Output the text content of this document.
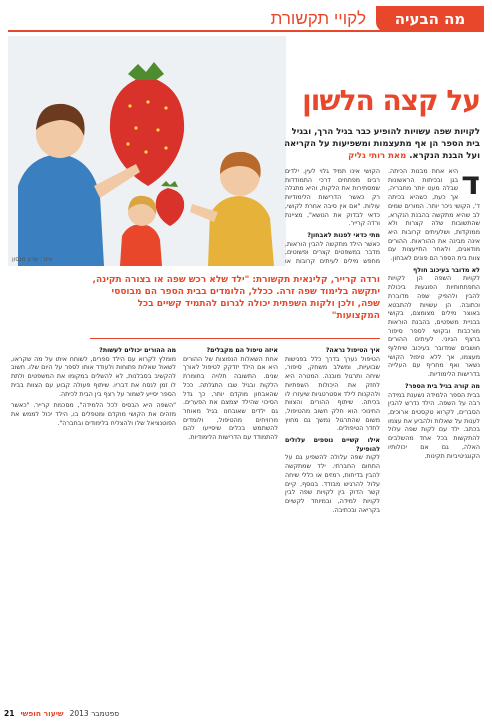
מה הבעיה
לקויי תקשורת
איור: שרון מנסון
על קצה הלשון
לקויות שפה עשויות להופיע כבר בגיל הרך, ובגיל בית הספר הן אף מתעצמות ומשפיעות על הקריאה ועל הבנת הנקרא. מאת רותי גליק

ד
היא אחת מבנות הכיתה. בגן ובכיתות הראשונות שבלה מעט יותר מחבריה, אך כעת, כשהיא בכיתה ד', הקושי ניכר יותר. המורים שמים לב שהיא מתקשה בהבנת הנקרא, שהתשובות שלה קצרות ולא ממוקדות, ושלעיתים קרובות היא אינה מבינה את ההוראות. ההורים מודאגים, ולאחר התייעצות עם צוות בית הספר הם פונים לאבחון.

לא מדובר בעיכוב חולף

לקויות השפה הן לקויות התפתחותיות הפוגעות ביכולת להבין ולהפיק שפה מדוברת וכתובה. הן עשויות להתבטא באוצר מילים מצומצם, בקושי בבניית משפטים, בהבנת הוראות מורכבות ובקושי לספר סיפור ברצף הגיוני. לעיתים ההורים חושבים שמדובר בעיכוב שיחלוף מעצמו, אך ללא טיפול הקושי נשאר ואף מחריף עם העלייה בדרישות הלימודיות.

מה קורה בגיל בית הספר?

בבית הספר הלמידה נשענת במידה רבה על השפה. הילד נדרש להבין הסברים, לקרוא טקסטים ארוכים, לענות על שאלות ולהביע את עצמו בכתב. ילד עם לקות שפה עלול להתקשות בכל אחד מהשלבים האלה, גם אם יכולותיו הקוגניטיביות תקינות.

הקושי אינו תמיד גלוי לעין. ילדים רבים מפתחים דרכי התמודדות שמסתירות את הלקות, והיא מתגלה רק כאשר הדרישות הלימודיות עולות. "אם אין סיבה אחרת לקושי, כדאי לבדוק את הנושא", מציינת ורדה קרייר.

מתי כדאי לפנות לאבחון?

כאשר הילד מתקשה להבין הוראות, מדבר במשפטים קצרים ופשוטים, מחפש מילים לעיתים קרובות או

ורדה קרייר, קלינאית תקשורת: "ילד שלא רכש שפה או בצורה תקינה, יתקשה בלימוד שפה זרה. ככלל, הלומדים בבית הספר הם מבוססי שפה, ולכן ולקות השפתית יכולה לגרום להתמיד קשיים בכל המקצועות"
איך הטיפול נראה?

הטיפול נערך בדרך כלל בפגישות שבועיות, ומשלב משחק, סיפור, שיחה ותרגול מובנה. המטרה היא לחזק את היכולות השפתיות ולהקנות לילד אסטרטגיות שיעזרו לו בכיתה. שיתוף ההורים והצוות החינוכי הוא חלק חשוב מהטיפול, משום שהתרגול נמשך גם מחוץ לחדר הטיפולים.

אילו קשיים נוספים עלולים להופיע?

לקות שפה עלולה להשפיע גם על התחום החברתי. ילד שמתקשה להבין בדיחות, רמזים או כללי שיחה עלול להרגיש מבודד. בנוסף, קיים קשר הדוק בין לקויות שפה לבין לקויות למידה, ובמיוחד לקשיים בקריאה ובכתיבה.

איזה טיפול הם מקבלים?

אחת השאלות הנפוצות של ההורים היא אם הילד יזדקק לטיפול לאורך שנים. התשובה תלויה בחומרת הלקות ובגיל שבו התגלתה. ככל שהאבחון מוקדם יותר, כך גדל הסיכוי שהילד יצמצם את הפערים. גם ילדים שאובחנו בגיל מאוחר מרוויחים מהטיפול, ולומדים להשתמש בכלים שיסייעו להם להתמודד עם הדרישות הלימודיות.

מה ההורים יכולים לעשות?

מומלץ לקרוא עם הילד ספרים, לשוחח איתו על מה שקראו, לשאול שאלות פתוחות ולעודד אותו לספר על היום שלו. חשוב להקשיב בסבלנות, לא להשלים במקומו את המשפטים ולתת לו זמן לנסח את דבריו. שיתוף פעולה קבוע עם הצוות בבית הספר יסייע לשמור על רצף בין הבית לכיתה.

"השפה היא הבסיס לכל הלמידה", מסכמת קרייר. "כאשר מזהים את הקושי מוקדם ומטפלים בו, הילד יכול לממש את הפוטנציאל שלו ולהצליח בלימודים ובחברה".

ספטמבר 2013
שיעור חופשי
21
